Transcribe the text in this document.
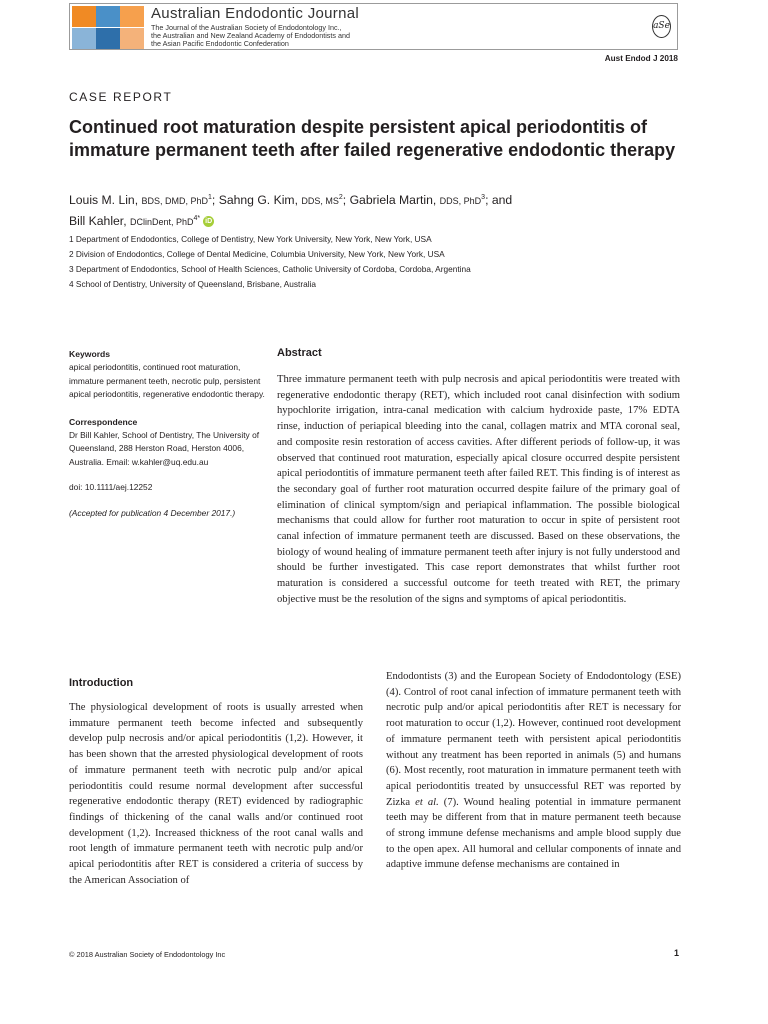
Australian Endodontic Journal
The Journal of the Australian Society of Endodontology Inc.,
the Australian and New Zealand Academy of Endodontists and
the Asian Pacific Endodontic Confederation
aSe
Aust Endod J 2018
CASE REPORT
Continued root maturation despite persistent apical periodontitis of immature permanent teeth after failed regenerative endodontic therapy
Louis M. Lin, BDS, DMD, PhD$^1$; Sahng G. Kim, DDS, $MS^2$; Gabriela Martin, DDS, PhD$^3$; and
Bill Kahler, DClinDent, PhD$^{4*}$ iD
1 Department of Endodontics, College of Dentistry, New York University, New York, New York, USA
2 Division of Endodontics, College of Dental Medicine, Columbia University, New York, New York, USA
3 Department of Endodontics, School of Health Sciences, Catholic University of Cordoba, Cordoba, Argentina
4 School of Dentistry, University of Queensland, Brisbane, Australia

Keywords

apical periodontitis, continued root maturation, immature permanent teeth, necrotic pulp, persistent apical periodontitis, regenerative endodontic therapy.

Correspondence

Dr Bill Kahler, School of Dentistry, The University of Queensland, 288 Herston Road, Herston 4006, Australia. Email: w.kahler@uq.edu.au

doi: 10.1111/aej.12252

(Accepted for publication 4 December 2017.)

Abstract

Three immature permanent teeth with pulp necrosis and apical periodontitis were treated with regenerative endodontic therapy (RET), which included root canal disinfection with sodium hypochlorite irrigation, intra-canal medication with calcium hydroxide paste, 17% EDTA rinse, induction of periapical bleeding into the canal, collagen matrix and MTA coronal seal, and composite resin restoration of access cavities. After different periods of follow-up, it was observed that continued root maturation, especially apical closure occurred despite persistent apical periodontitis of immature permanent teeth after failed RET. This finding is of interest as the secondary goal of further root maturation occurred despite failure of the primary goal of elimination of clinical symptom/sign and periapical inflammation. The possible biological mechanisms that could allow for further root maturation to occur in spite of persistent root canal infection of immature permanent teeth are discussed. Based on these observations, the biology of wound healing of immature permanent teeth after injury is not fully understood and should be further investigated. This case report demonstrates that whilst further root maturation is considered a successful outcome for teeth treated with RET, the primary objective must be the resolution of the signs and symptoms of apical periodontitis.

Introduction

The physiological development of roots is usually arrested when immature permanent teeth become infected and subsequently develop pulp necrosis and/or apical periodontitis (1,2). However, it has been shown that the arrested physiological development of roots of immature permanent teeth with necrotic pulp and/or apical periodontitis could resume normal development after successful regenerative endodontic therapy (RET) evidenced by radiographic findings of thickening of the canal walls and/or continued root development (1,2). Increased thickness of the root canal walls and root length of immature permanent teeth with necrotic pulp and/or apical periodontitis after RET is considered a criteria of success by the American Association of

Endodontists (3) and the European Society of Endodontology (ESE) (4). Control of root canal infection of immature permanent teeth with necrotic pulp and/or apical periodontitis after RET is necessary for root maturation to occur (1,2). However, continued root development of immature permanent teeth with persistent apical periodontitis without any treatment has been reported in animals (5) and humans (6). Most recently, root maturation in immature permanent teeth with apical periodontitis treated by unsuccessful RET was reported by Zizka et al. (7). Wound healing potential in immature permanent teeth may be different from that in mature permanent teeth because of strong immune defense mechanisms and ample blood supply due to the open apex. All humoral and cellular components of innate and adaptive immune defense mechanisms are contained in

© 2018 Australian Society of Endodontology Inc	1
